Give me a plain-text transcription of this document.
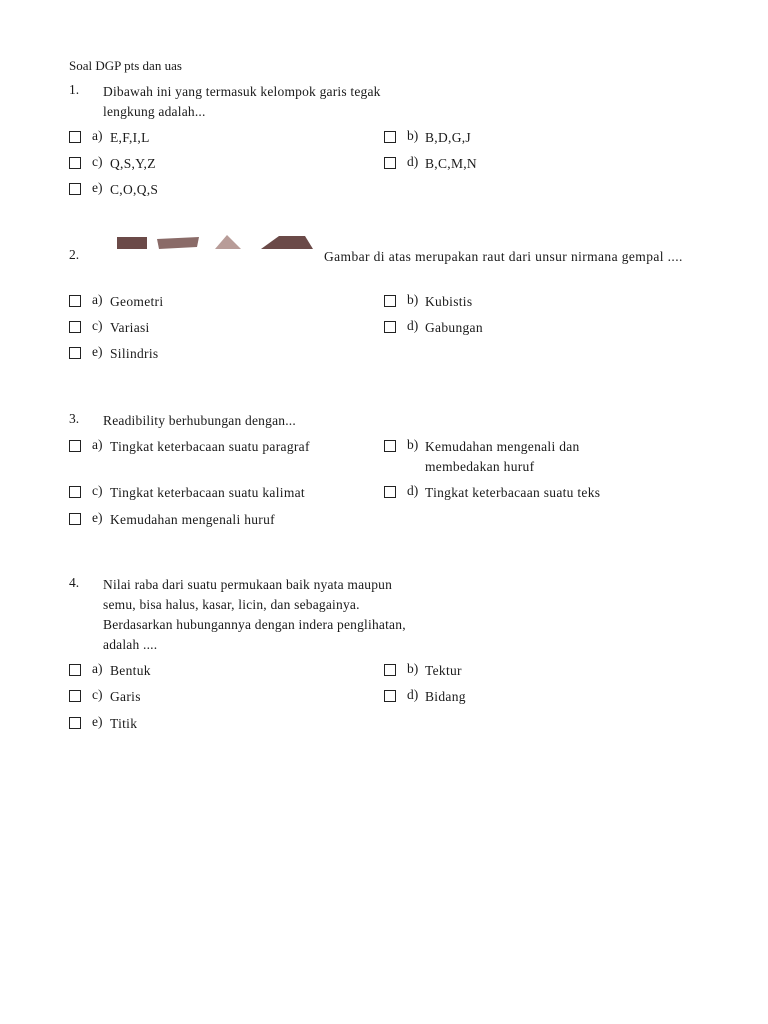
Soal DGP pts dan uas
1. Dibawah ini yang termasuk kelompok garis tegak
lengkung adalah...
a) E,F,I,L	b) B,D,G,J
c) Q,S,Y,Z	d) B,C,M,N
e) C,O,Q,S
2.	Gambar di atas merupakan raut dari unsur nirmana gempal ....
a) Geometri	b) Kubistis
c) Variasi	d) Gabungan
e) Silindris
3. Readibility berhubungan dengan...
a) Tingkat keterbacaan suatu paragraf	b) Kemudahan mengenali dan
membedakan huruf
c) Tingkat keterbacaan suatu kalimat	d) Tingkat keterbacaan suatu teks
e) Kemudahan mengenali huruf
4. Nilai raba dari suatu permukaan baik nyata maupun
semu, bisa halus, kasar, licin, dan sebagainya.
Berdasarkan hubungannya dengan indera penglihatan,
adalah ....
a) Bentuk	b) Tektur
c) Garis	d) Bidang
e) Titik
